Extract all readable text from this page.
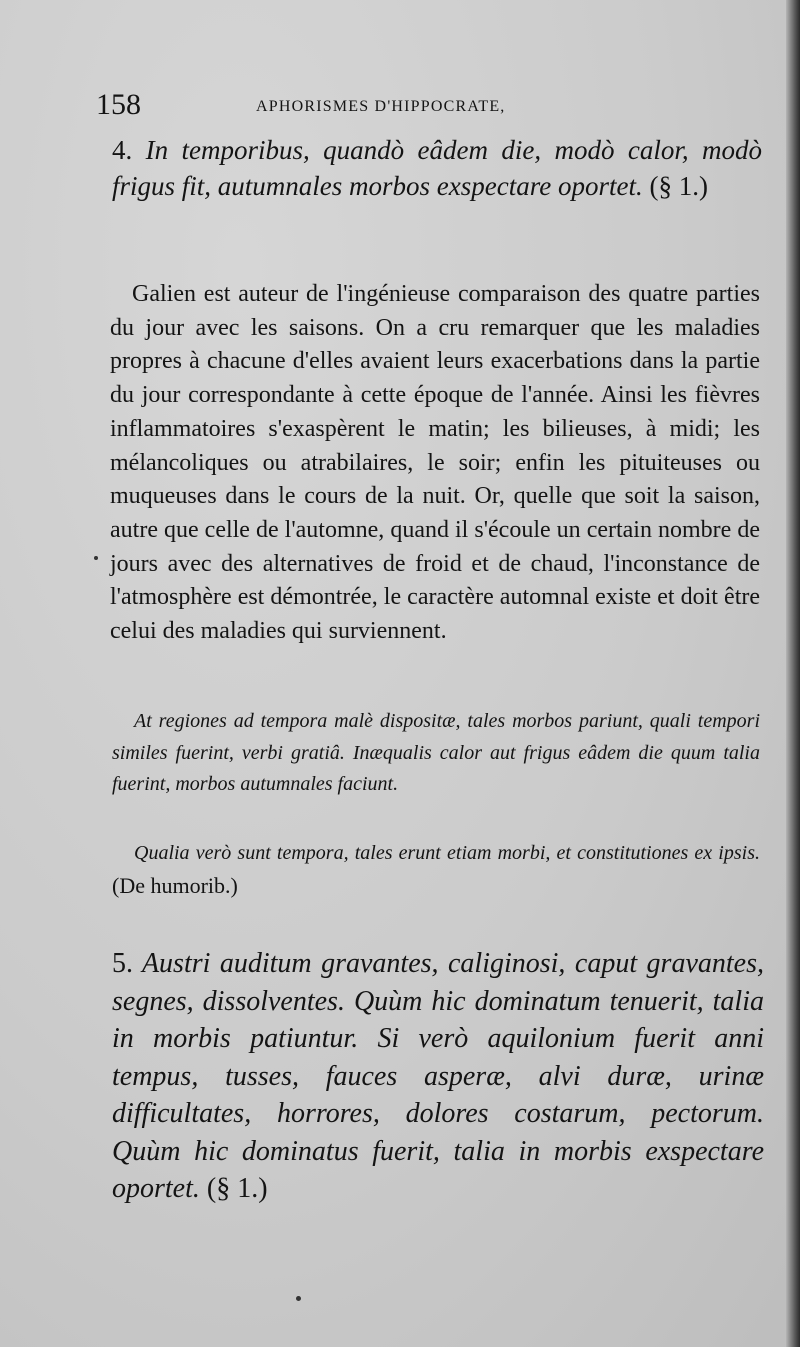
158	APHORISMES D'HIPPOCRATE,
4. In temporibus, quandò eâdem die, modò calor, modò frigus fit, autumnales morbos exspectare oportet. (§ 1.)

Galien est auteur de l'ingénieuse comparaison des quatre parties du jour avec les saisons. On a cru remarquer que les maladies propres à chacune d'elles avaient leurs exacerbations dans la partie du jour correspondante à cette époque de l'année. Ainsi les fièvres inflammatoires s'exaspèrent le matin; les bilieuses, à midi; les mélancoliques ou atrabilaires, le soir; enfin les pituiteuses ou muqueuses dans le cours de la nuit. Or, quelle que soit la saison, autre que celle de l'automne, quand il s'écoule un certain nombre de jours avec des alternatives de froid et de chaud, l'inconstance de l'atmosphère est démontrée, le caractère automnal existe et doit être celui des maladies qui surviennent.

At regiones ad tempora malè dispositæ, tales morbos pariunt, quali tempori similes fuerint, verbi gratiâ. Inæqualis calor aut frigus eâdem die quum talia fuerint, morbos autumnales faciunt.

Qualia verò sunt tempora, tales erunt etiam morbi, et constitutiones ex ipsis. (De humorib.)

5. Austri auditum gravantes, caliginosi, caput gravantes, segnes, dissolventes. Quùm hic dominatum tenuerit, talia in morbis patiuntur. Si verò aquilonium fuerit anni tempus, tusses, fauces asperæ, alvi duræ, urinæ difficultates, horrores, dolores costarum, pectorum. Quùm hic dominatus fuerit, talia in morbis exspectare oportet. (§ 1.)
